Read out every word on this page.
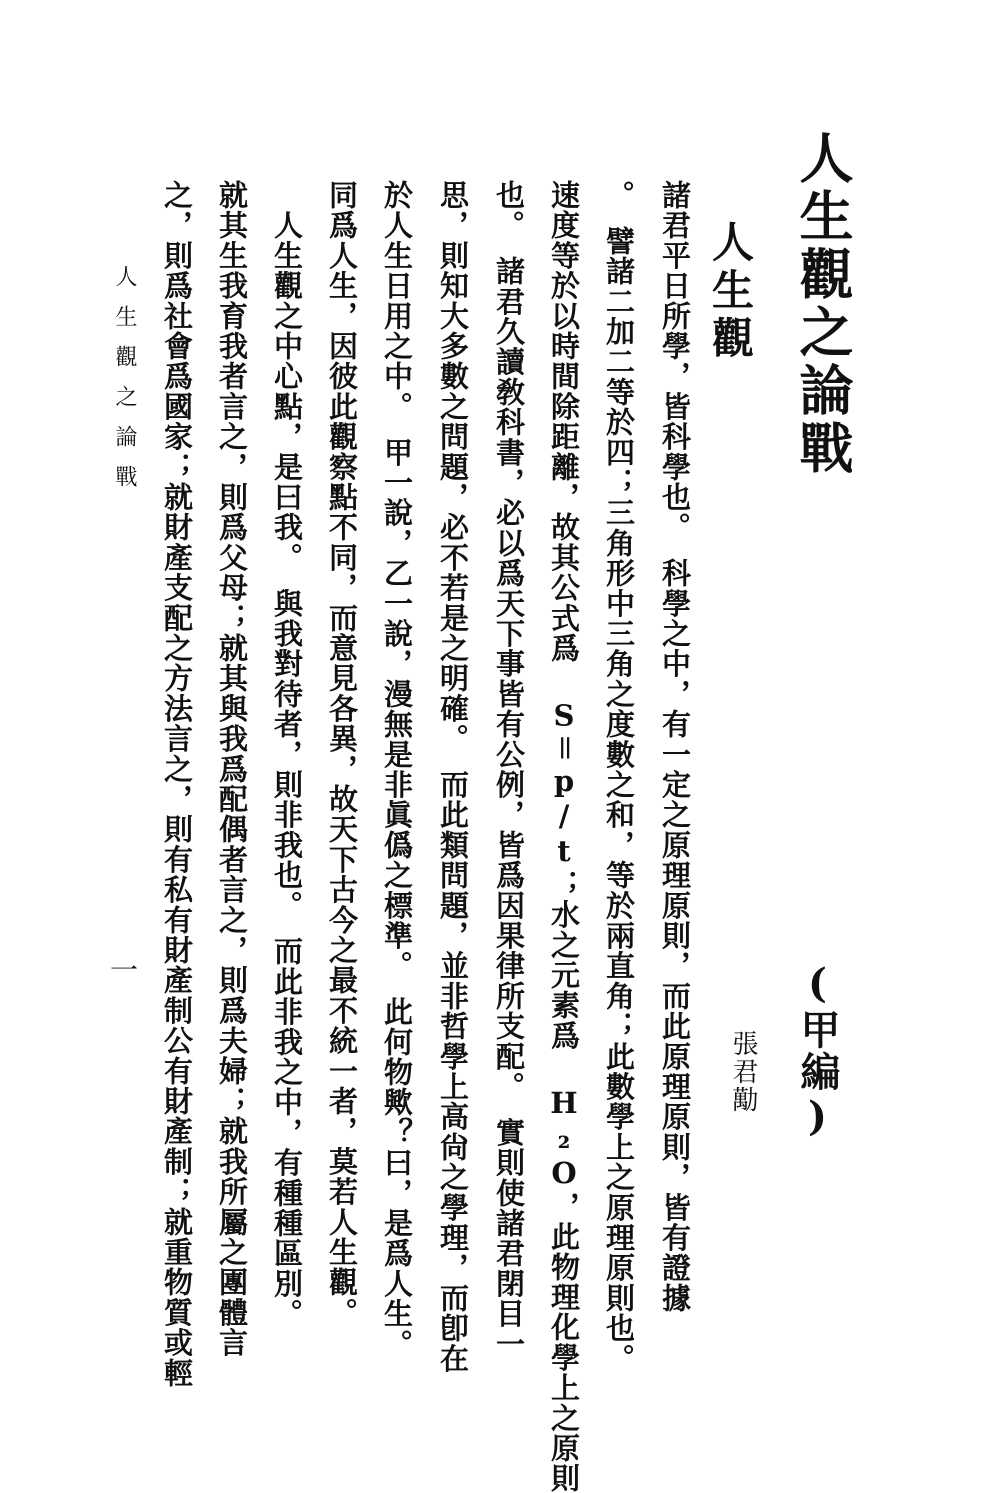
人生觀之論戰
(甲編)
人生觀
張君勱
諸君平日所學，皆科學也。　科學之中，有一定之原理原則，而此原理原則，皆有證據
。　譬諸二加二等於四；三角形中三角之度數之和，等於兩直角；此數學上之原理原則也。
速度等於以時間除距離，故其公式爲 S＝p/t；水之元素爲 H₂O，此物理化學上之原則
也。　諸君久讀敎科書，必以爲天下事皆有公例，皆爲因果律所支配。　實則使諸君閉目一
思，則知大多數之問題，必不若是之明確。　而此類問題，並非哲學上高尙之學理，而卽在
於人生日用之中。　甲一說，乙一說，漫無是非眞僞之標準。　此何物歟？曰，是爲人生。
同爲人生，因彼此觀察點不同，而意見各異，故天下古今之最不統一者，莫若人生觀。
　人生觀之中心點，是曰我。　與我對待者，則非我也。　而此非我之中，有種種區別。
就其生我育我者言之，則爲父母；就其與我爲配偶者言之，則爲夫婦；就我所屬之團體言
之，則爲社會爲國家；就財產支配之方法言之，則有私有財產制公有財產制；就重物質或輕
人生觀之論戰
一
